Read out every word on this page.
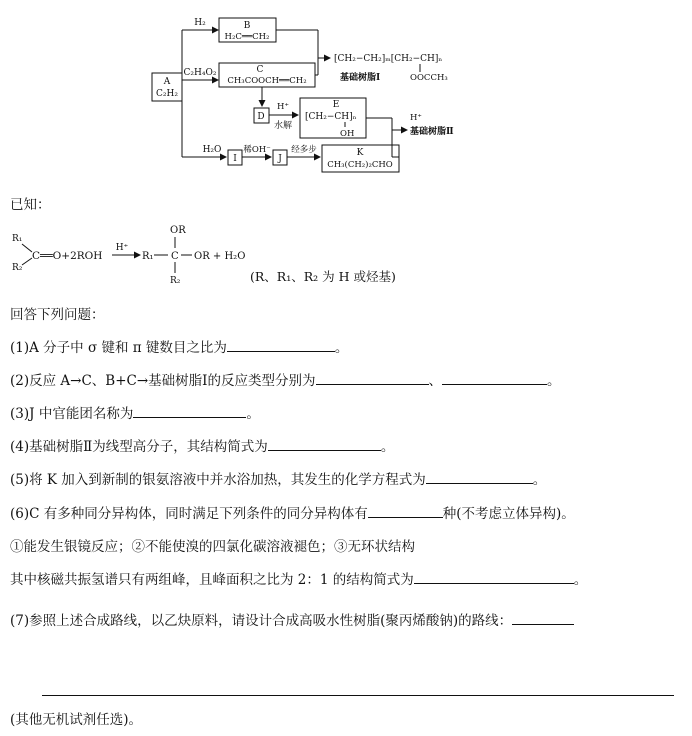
A
C₂H₂
H₂	B
H₂C══CH₂
C₂H₄O₂	C
CH₃COOCH══CH₂
[CH₂−CH₂]ₘ[CH₂−CH]ₙ
基础树脂Ⅰ	OOCCH₃
D
H⁺
水解
E
[CH₂−CH]ₙ
OH
H⁺
基础树脂Ⅱ
H₂O
I
稀OH⁻
J
经多步	K
CH₃(CH₂)₂CHO
已知：
R₁
R₂
C══O+2ROH
H⁺
R₁
OR
C OR + H₂O
R₂	(R、R₁、R₂ 为 H 或烃基)
回答下列问题：
(1)A 分子中 σ 键和 π 键数目之比为	。
(2)反应 A→C、B+C→基础树脂Ⅰ的反应类型分别为	、	。
(3)J 中官能团名称为	。
(4)基础树脂Ⅱ为线型高分子，其结构简式为	。
(5)将 K 加入到新制的银氨溶液中并水浴加热，其发生的化学方程式为	。
(6)C 有多种同分异构体，同时满足下列条件的同分异构体有	种(不考虑立体异构)。
①能发生银镜反应；②不能使溴的四氯化碳溶液褪色；③无环状结构
其中核磁共振氢谱只有两组峰，且峰面积之比为 2：1 的结构简式为	。
(7)参照上述合成路线，以乙炔原料，请设计合成高吸水性树脂(聚丙烯酸钠)的路线：
(其他无机试剂任选)。
